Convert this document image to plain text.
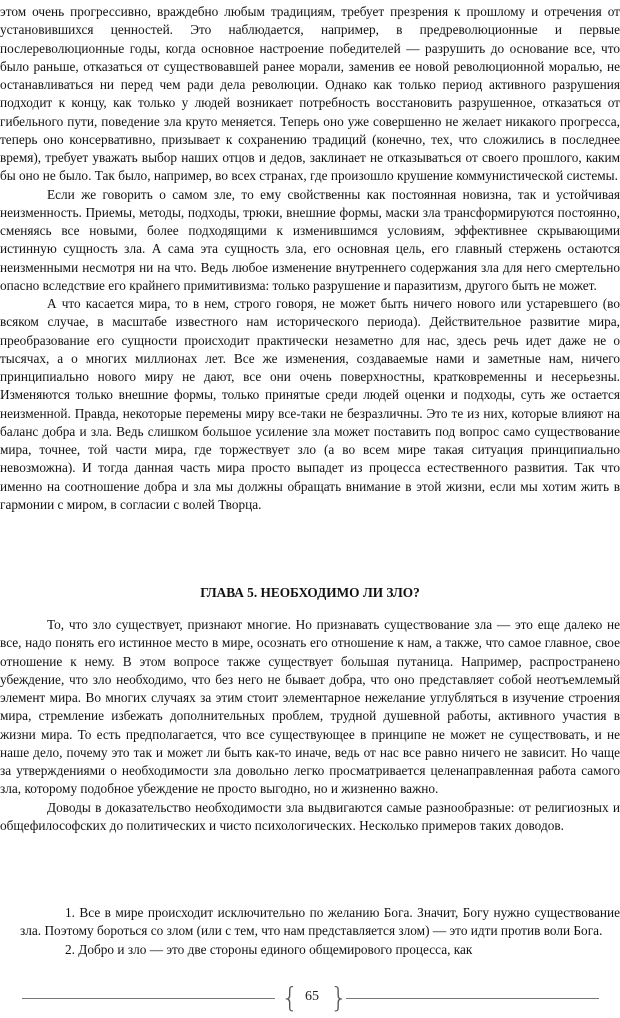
этом очень прогрессивно, враждебно любым традициям, требует презрения к прошлому и отречения от установившихся ценностей. Это наблюдается, например, в предреволюционные и первые послереволюционные годы, когда основное настроение победителей — разрушить до основание все, что было раньше, отказаться от существовавшей ранее морали, заменив ее новой революционной моралью, не останавливаться ни перед чем ради дела революции. Однако как только период активного разрушения подходит к концу, как только у людей возникает потребность восстановить разрушенное, отказаться от гибельного пути, поведение зла круто меняется. Теперь оно уже совершенно не желает никакого прогресса, теперь оно консервативно, призывает к сохранению традиций (конечно, тех, что сложились в последнее время), требует уважать выбор наших отцов и дедов, заклинает не отказываться от своего прошлого, каким бы оно не было. Так было, например, во всех странах, где произошло крушение коммунистической системы.

Если же говорить о самом зле, то ему свойственны как постоянная новизна, так и устойчивая неизменность. Приемы, методы, подходы, трюки, внешние формы, маски зла трансформируются постоянно, сменяясь все новыми, более подходящими к изменившимся условиям, эффективнее скрывающими истинную сущность зла. А сама эта сущность зла, его основная цель, его главный стержень остаются неизменными несмотря ни на что. Ведь любое изменение внутреннего содержания зла для него смертельно опасно вследствие его крайнего примитивизма: только разрушение и паразитизм, другого быть не может.

А что касается мира, то в нем, строго говоря, не может быть ничего нового или устаревшего (во всяком случае, в масштабе известного нам исторического периода). Действительное развитие мира, преобразование его сущности происходит практически незаметно для нас, здесь речь идет даже не о тысячах, а о многих миллионах лет. Все же изменения, создаваемые нами и заметные нам, ничего принципиально нового миру не дают, все они очень поверхностны, кратковременны и несерьезны. Изменяются только внешние формы, только принятые среди людей оценки и подходы, суть же остается неизменной. Правда, некоторые перемены миру все-таки не безразличны. Это те из них, которые влияют на баланс добра и зла. Ведь слишком большое усиление зла может поставить под вопрос само существование мира, точнее, той части мира, где торжествует зло (а во всем мире такая ситуация принципиально невозможна). И тогда данная часть мира просто выпадет из процесса естественного развития. Так что именно на соотношение добра и зла мы должны обращать внимание в этой жизни, если мы хотим жить в гармонии с миром, в согласии с волей Творца.

ГЛАВА 5. НЕОБХОДИМО ЛИ ЗЛО?

То, что зло существует, признают многие. Но признавать существование зла — это еще далеко не все, надо понять его истинное место в мире, осознать его отношение к нам, а также, что самое главное, свое отношение к нему. В этом вопросе также существует большая путаница. Например, распространено убеждение, что зло необходимо, что без него не бывает добра, что оно представляет собой неотъемлемый элемент мира. Во многих случаях за этим стоит элементарное нежелание углубляться в изучение строения мира, стремление избежать дополнительных проблем, трудной душевной работы, активного участия в жизни мира. То есть предполагается, что все существующее в принципе не может не существовать, и не наше дело, почему это так и может ли быть как-то иначе, ведь от нас все равно ничего не зависит. Но чаще за утверждениями о необходимости зла довольно легко просматривается целенаправленная работа самого зла, которому подобное убеждение не просто выгодно, но и жизненно важно.

Доводы в доказательство необходимости зла выдвигаются самые разнообразные: от религиозных и общефилософских до политических и чисто психологических. Несколько примеров таких доводов.

1. Все в мире происходит исключительно по желанию Бога. Значит, Богу нужно существование зла. Поэтому бороться со злом (или с тем, что нам представляется злом) — это идти против воли Бога.

2. Добро и зло — это две стороны единого общемирового процесса, как

{ 65 }
